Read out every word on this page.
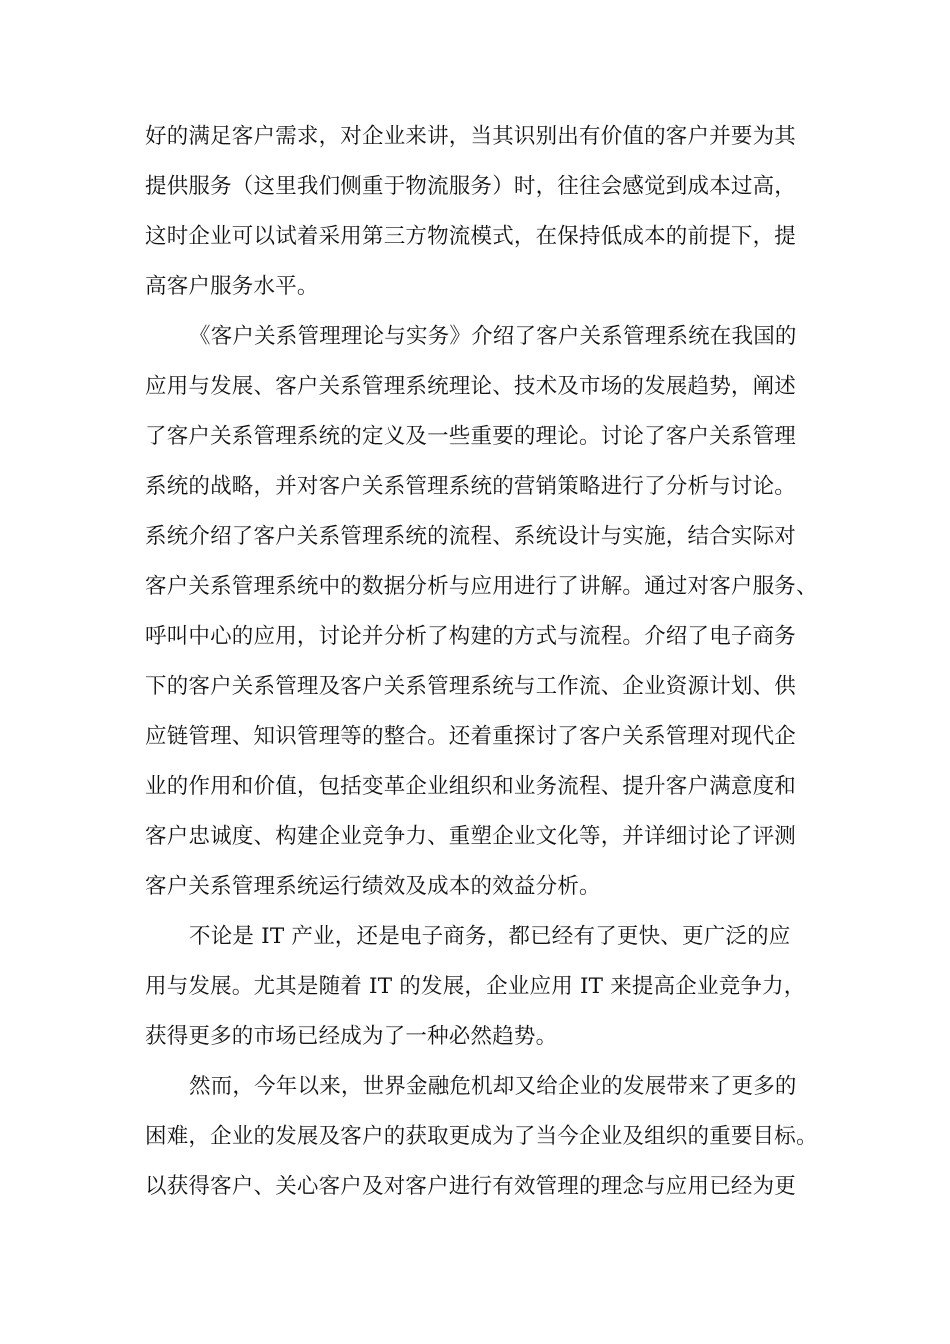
好的满足客户需求，对企业来讲，当其识别出有价值的客户并要为其
提供服务（这里我们侧重于物流服务）时，往往会感觉到成本过高，
这时企业可以试着采用第三方物流模式，在保持低成本的前提下，提
高客户服务水平。
《客户关系管理理论与实务》介绍了客户关系管理系统在我国的
应用与发展、客户关系管理系统理论、技术及市场的发展趋势，阐述
了客户关系管理系统的定义及一些重要的理论。讨论了客户关系管理
系统的战略，并对客户关系管理系统的营销策略进行了分析与讨论。
系统介绍了客户关系管理系统的流程、系统设计与实施，结合实际对
客户关系管理系统中的数据分析与应用进行了讲解。通过对客户服务、
呼叫中心的应用，讨论并分析了构建的方式与流程。介绍了电子商务
下的客户关系管理及客户关系管理系统与工作流、企业资源计划、供
应链管理、知识管理等的整合。还着重探讨了客户关系管理对现代企
业的作用和价值，包括变革企业组织和业务流程、提升客户满意度和
客户忠诚度、构建企业竞争力、重塑企业文化等，并详细讨论了评测
客户关系管理系统运行绩效及成本的效益分析。
不论是 IT 产业，还是电子商务，都已经有了更快、更广泛的应
用与发展。尤其是随着 IT 的发展，企业应用 IT 来提高企业竞争力，
获得更多的市场已经成为了一种必然趋势。
然而，今年以来，世界金融危机却又给企业的发展带来了更多的
困难，企业的发展及客户的获取更成为了当今企业及组织的重要目标。
以获得客户、关心客户及对客户进行有效管理的理念与应用已经为更
